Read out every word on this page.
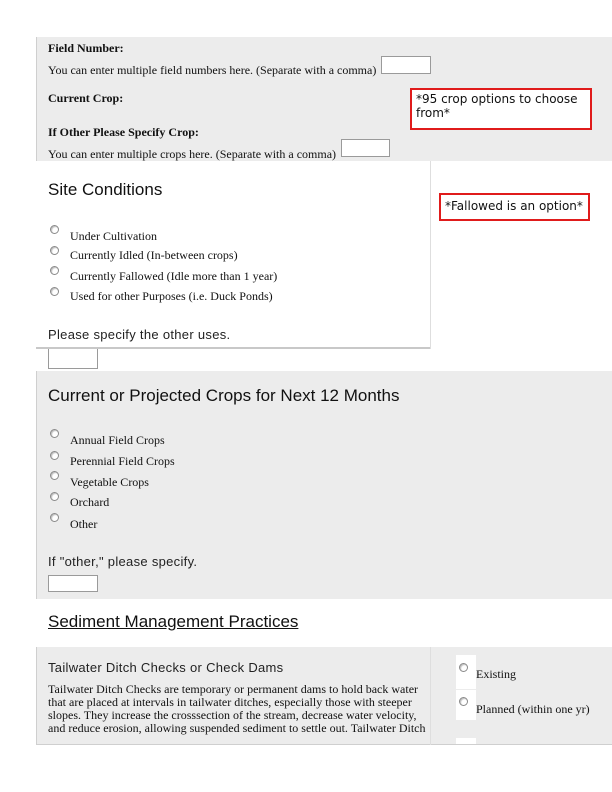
Field Number:
You can enter multiple field numbers here. (Separate with a comma)
Current Crop:
If Other Please Specify Crop:
You can enter multiple crops here. (Separate with a comma)
*95 crop options to choose from*
Site Conditions
*Fallowed is an option*
Under Cultivation
Currently Idled (In-between crops)
Currently Fallowed (Idle more than 1 year)
Used for other Purposes (i.e. Duck Ponds)
Please specify the other uses.
Current or Projected Crops for Next 12 Months
Annual Field Crops
Perennial Field Crops
Vegetable Crops
Orchard
Other
If "other," please specify.
Sediment Management Practices
Tailwater Ditch Checks or Check Dams
Tailwater Ditch Checks are temporary or permanent dams to hold back water that are placed at intervals in tailwater ditches, especially those with steeper slopes. They increase the crosssection of the stream, decrease water velocity, and reduce erosion, allowing suspended sediment to settle out. Tailwater Ditch
Existing
Planned (within one yr)
